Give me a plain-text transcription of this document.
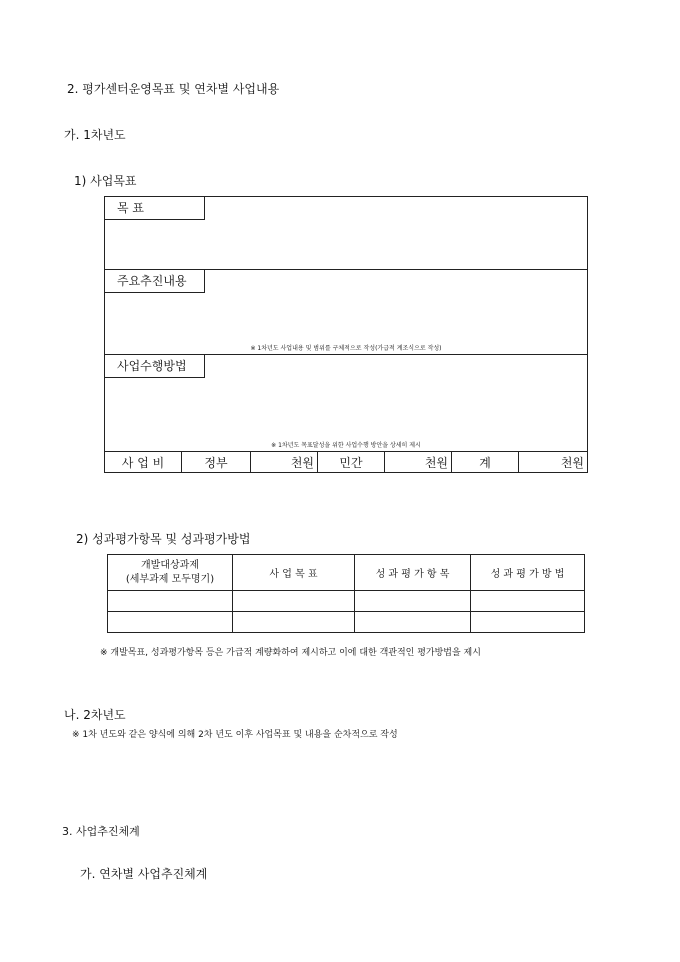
2. 평가센터운영목표 및 연차별 사업내용
가. 1차년도
1) 사업목표
목 표
주요추진내용
※ 1차년도 사업내용 및 범위를 구체적으로 작성(가급적 계조식으로 작성)
사업수행방법
※ 1차년도 목표달성을 위한 사업수행 방안을 상세히 제시
사 업 비	정부	천원	민간	천원	계	천원
2) 성과평가항목 및 성과평가방법
개발대상과제
(세부과제 모두명기)	사 업 목 표	성 과 평 가 항 목	성 과 평 가 방 법

※ 개발목표, 성과평가항목 등은 가급적 계량화하여 제시하고 이에 대한 객관적인 평가방법을 제시
나. 2차년도
※ 1차 년도와 같은 양식에 의해 2차 년도 이후 사업목표 및 내용을 순차적으로 작성
3. 사업추진체계
가. 연차별 사업추진체계
